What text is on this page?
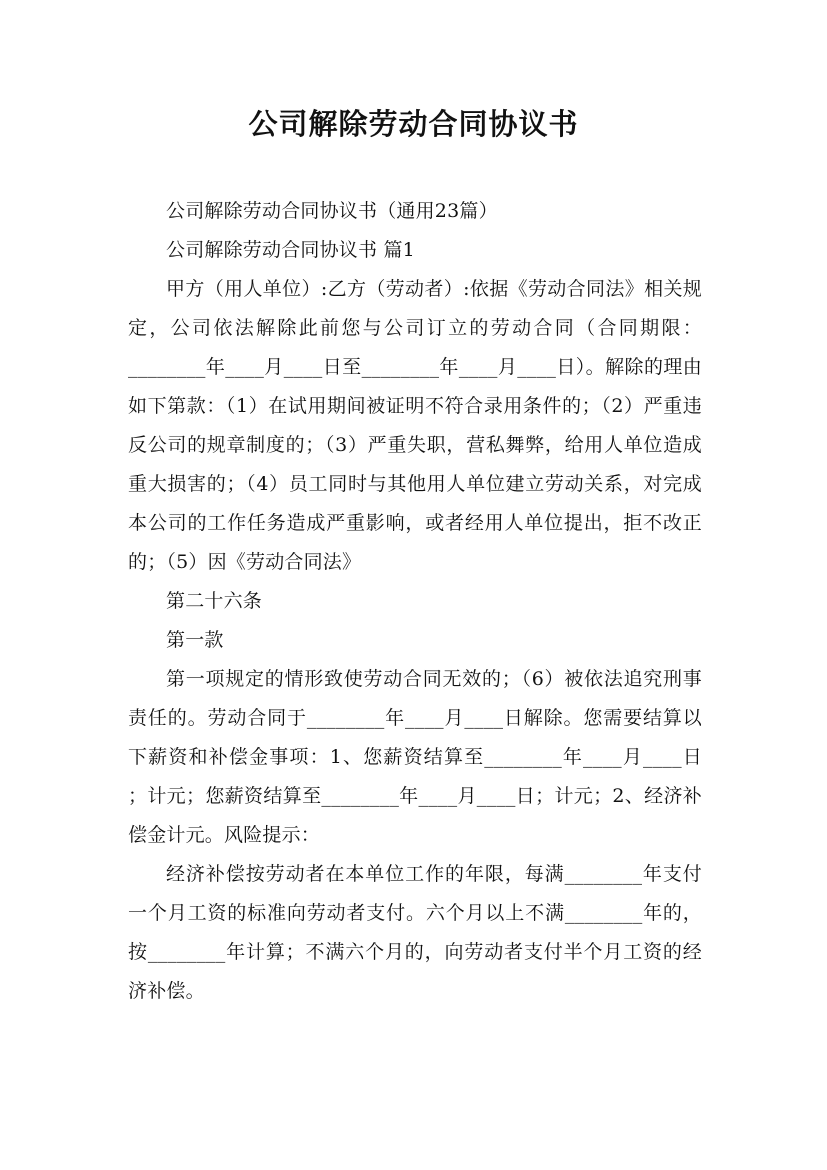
公司解除劳动合同协议书

公司解除劳动合同协议书（通用23篇）

公司解除劳动合同协议书 篇1

甲方（用人单位）:乙方（劳动者）:依据《劳动合同法》相关规定，公司依法解除此前您与公司订立的劳动合同（合同期限：________年____月____日至________年____月____日）。解除的理由如下第款：（1）在试用期间被证明不符合录用条件的；（2）严重违反公司的规章制度的；（3）严重失职，营私舞弊，给用人单位造成重大损害的；（4）员工同时与其他用人单位建立劳动关系，对完成本公司的工作任务造成严重影响，或者经用人单位提出，拒不改正的；（5）因《劳动合同法》

第二十六条

第一款

第一项规定的情形致使劳动合同无效的；（6）被依法追究刑事责任的。劳动合同于________年____月____日解除。您需要结算以下薪资和补偿金事项：1、您薪资结算至________年____月____日 ；计元；您薪资结算至________年____月____日；计元；2、经济补偿金计元。风险提示：

经济补偿按劳动者在本单位工作的年限，每满________年支付一个月工资的标准向劳动者支付。六个月以上不满________年的，按________年计算；不满六个月的，向劳动者支付半个月工资的经济补偿。
